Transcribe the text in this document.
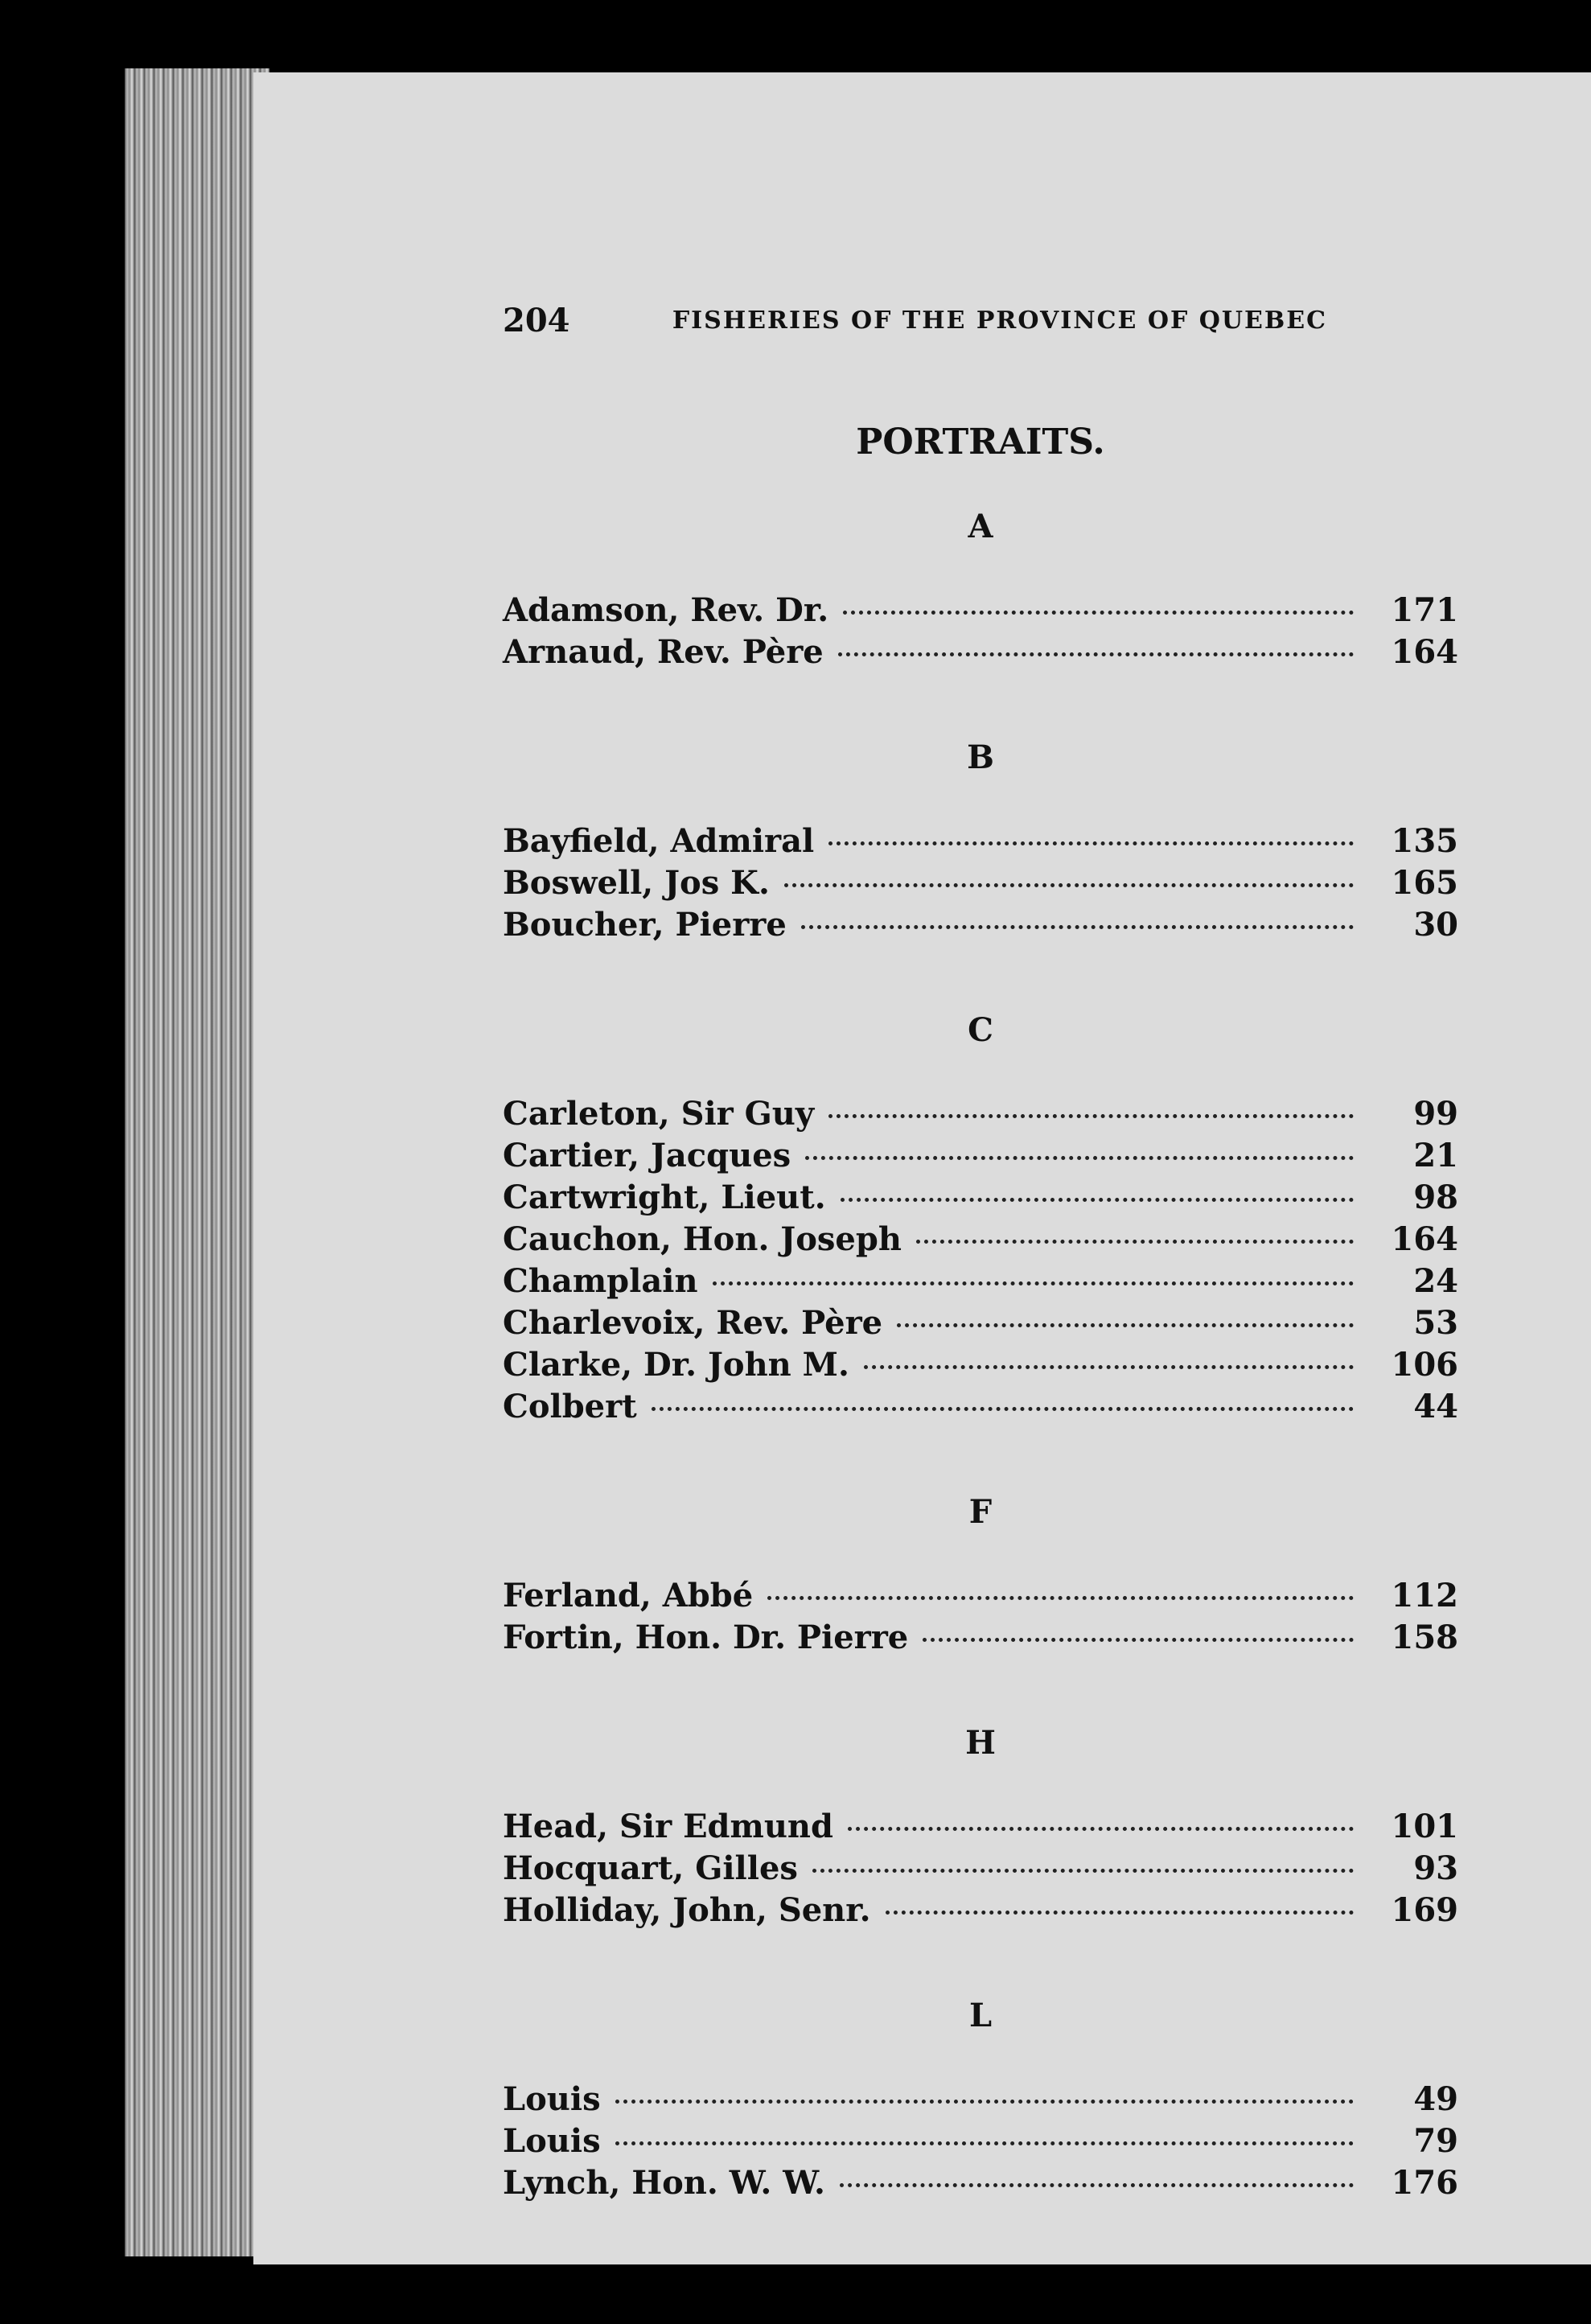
204	FISHERIES OF THE PROVINCE OF QUEBEC
PORTRAITS.
A
Adamson, Rev. Dr.	171
Arnaud, Rev. Père	164
B
Bayfield, Admiral	135
Boswell, Jos K.	165
Boucher, Pierre	30
C
Carleton, Sir Guy	99
Cartier, Jacques	21
Cartwright, Lieut.	98
Cauchon, Hon. Joseph	164
Champlain	24
Charlevoix, Rev. Père	53
Clarke, Dr. John M.	106
Colbert	44
F
Ferland, Abbé	112
Fortin, Hon. Dr. Pierre	158
H
Head, Sir Edmund	101
Hocquart, Gilles	93
Holliday, John, Senr.	169
L
Louis	49
Louis	79
Lynch, Hon. W. W.	176
